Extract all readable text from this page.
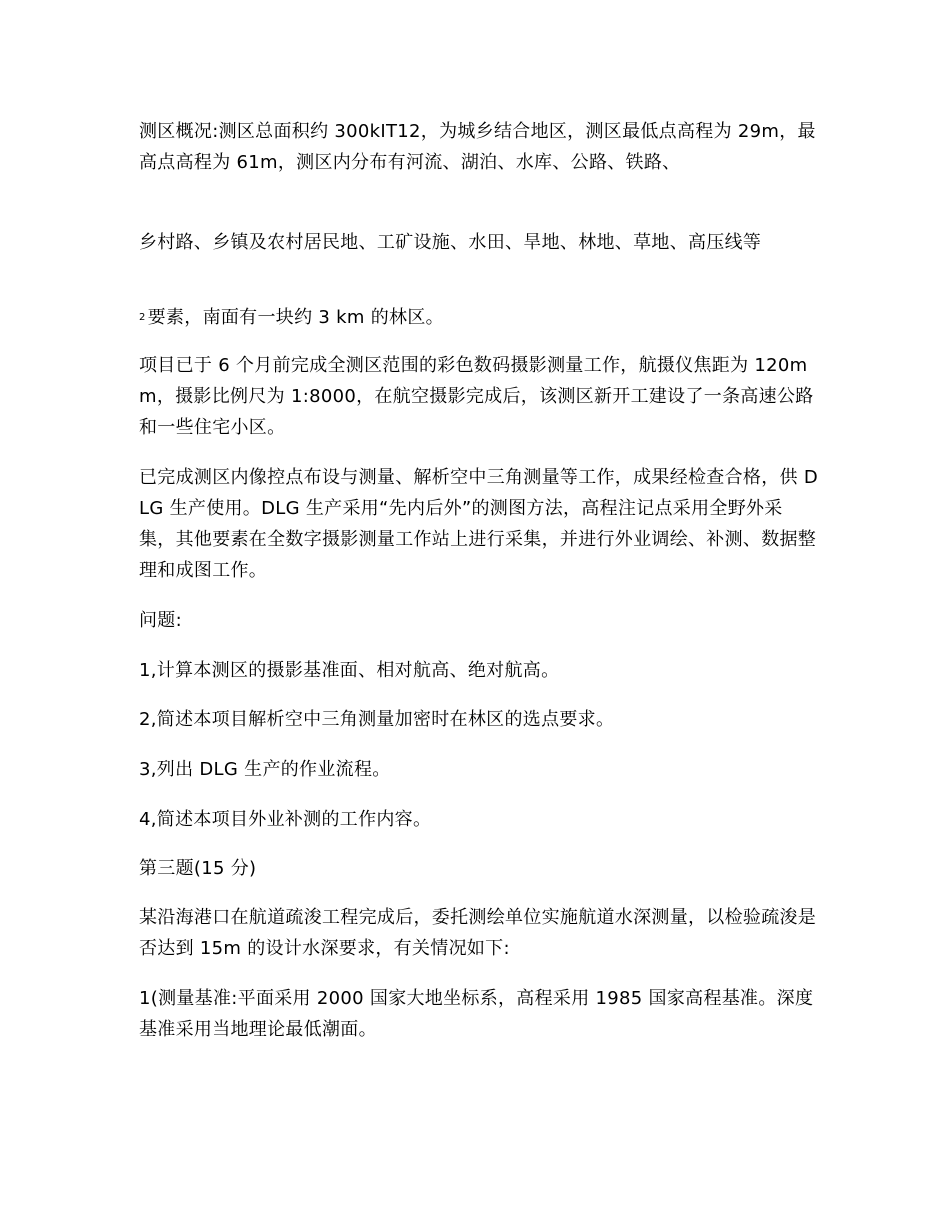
测区概况:测区总面积约 300kIT12，为城乡结合地区，测区最低点高程为 29m，最高点高程为 61m，测区内分布有河流、湖泊、水库、公路、铁路、

乡村路、乡镇及农村居民地、工矿设施、水田、旱地、林地、草地、高压线等

2 要素，南面有一块约 3 km 的林区。

项目已于 6 个月前完成全测区范围的彩色数码摄影测量工作，航摄仪焦距为 120mm，摄影比例尺为 1:8000，在航空摄影完成后，该测区新开工建设了一条高速公路和一些住宅小区。

已完成测区内像控点布设与测量、解析空中三角测量等工作，成果经检查合格，供 DLG 生产使用。DLG 生产采用“先内后外”的测图方法，高程注记点采用全野外采集，其他要素在全数字摄影测量工作站上进行采集，并进行外业调绘、补测、数据整理和成图工作。

问题:

1,计算本测区的摄影基准面、相对航高、绝对航高。

2,简述本项目解析空中三角测量加密时在林区的选点要求。

3,列出 DLG 生产的作业流程。

4,简述本项目外业补测的工作内容。

第三题(15 分)

某沿海港口在航道疏浚工程完成后，委托测绘单位实施航道水深测量，以检验疏浚是否达到 15m 的设计水深要求，有关情况如下:

1(测量基准:平面采用 2000 国家大地坐标系，高程采用 1985 国家高程基准。深度基准采用当地理论最低潮面。
